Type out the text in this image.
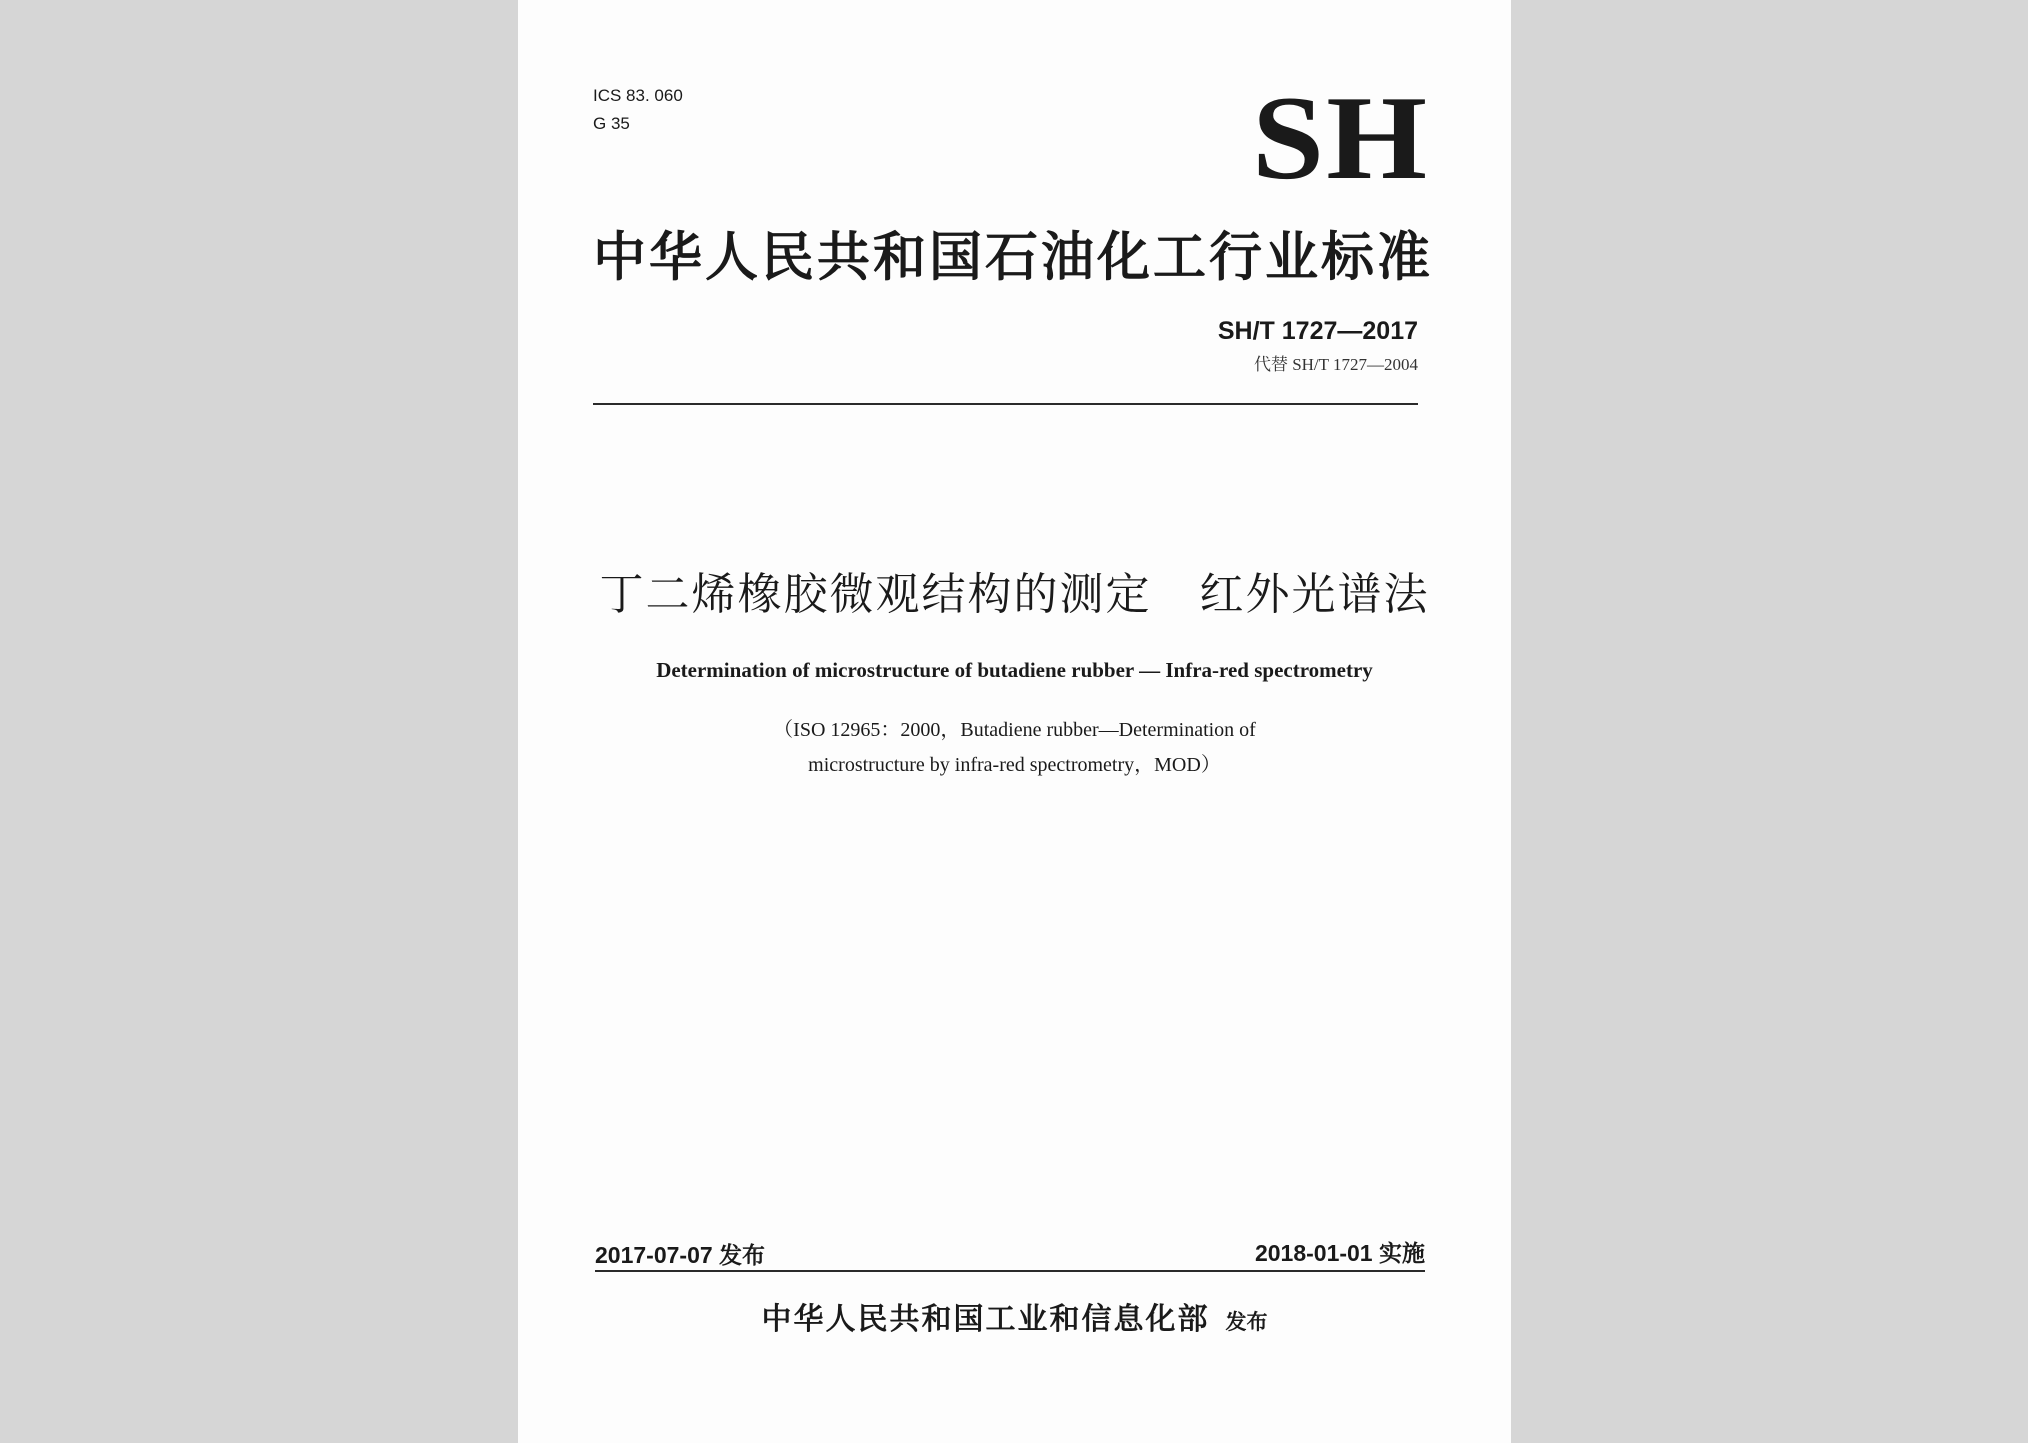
ICS 83. 060
G 35	SH
中华人民共和国石油化工行业标准
SH/T 1727—2017
代替 SH/T 1727—2004
丁二烯橡胶微观结构的测定 红外光谱法
Determination of microstructure of butadiene rubber — Infra-red spectrometry
（ISO 12965：2000，Butadiene rubber—Determination of
microstructure by infra-red spectrometry，MOD）
2017-07-07 发布	2018-01-01 实施
中华人民共和国工业和信息化部 发布
